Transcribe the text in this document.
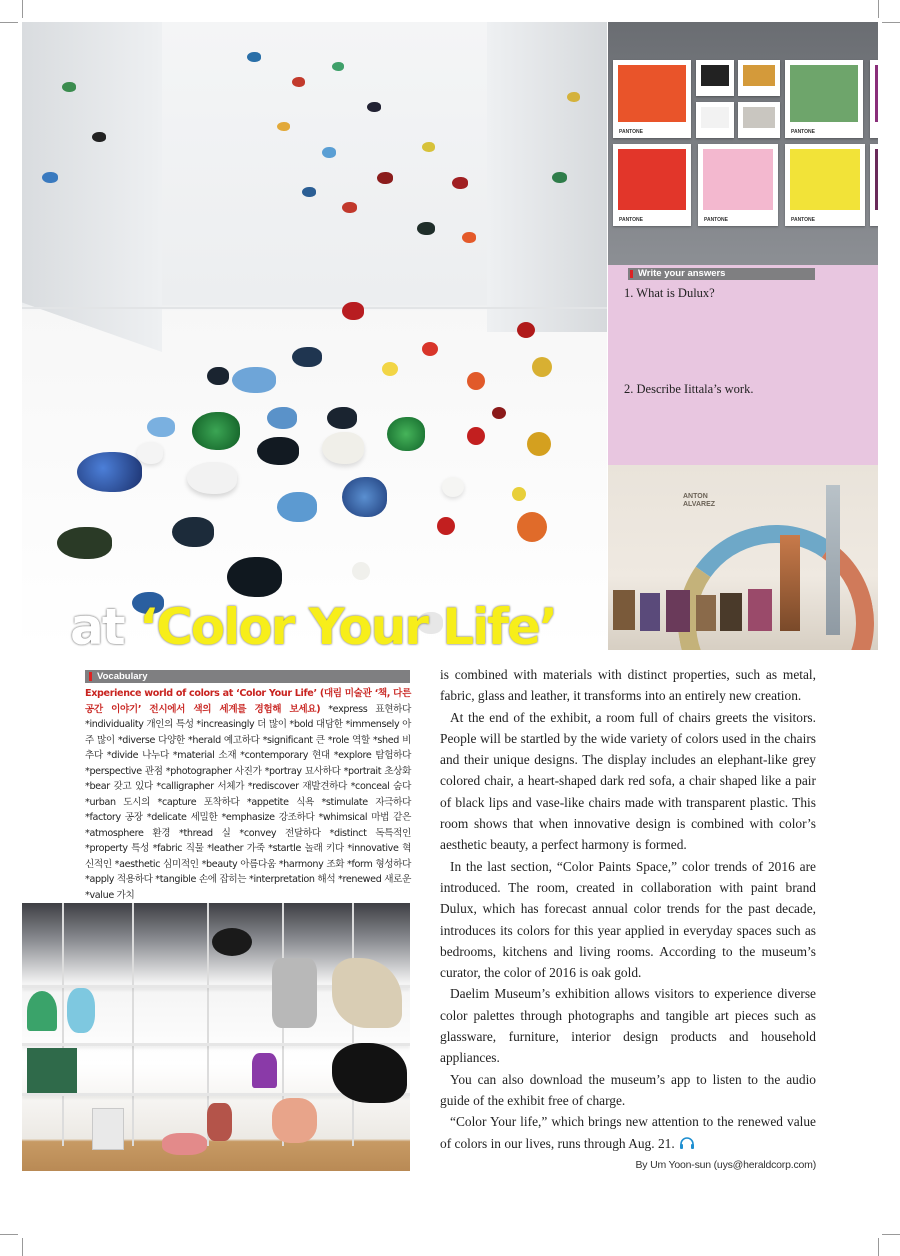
at ‘Color Your Life’
PANTONE	PANTONE
PANTONE	PANTONE	PANTONE
Write your answers
1. What is Dulux?
2. Describe Iittala’s work.
ANTON
ALVAREZ
Vocabulary
Experience world of colors at ‘Color Your Life’ (대림 미술관 ‘책, 다른 공간 이야기’ 전시에서 색의 세계를 경험해 보세요) *express 표현하다 *individuality 개인의 특성 *increasingly 더 많이 *bold 대담한 *immensely 아주 많이 *diverse 다양한 *herald 예고하다 *significant 큰 *role 역할 *shed 비추다 *divide 나누다 *material 소재 *contemporary 현대 *explore 탐험하다 *perspective 관점 *photographer 사진가 *portray 묘사하다 *portrait 초상화 *bear 갖고 있다 *calligrapher 서체가 *rediscover 재발견하다 *conceal 숨다 *urban 도시의 *capture 포착하다 *appetite 식욕 *stimulate 자극하다 *factory 공장 *delicate 세밀한 *emphasize 강조하다 *whimsical 마법 같은 *atmosphere 환경 *thread 실 *convey 전달하다 *distinct 독특적인 *property 특성 *fabric 직물 *leather 가죽 *startle 놀래 키다 *innovative 혁신적인 *aesthetic 심미적인 *beauty 아름다움 *harmony 조화 *form 형성하다 *apply 적용하다 *tangible 손에 잡히는 *interpretation 해석 *renewed 새로운 *value 가치

is combined with materials with distinct properties, such as metal, fabric, glass and leather, it transforms into an entirely new creation.

At the end of the exhibit, a room full of chairs greets the visitors. People will be startled by the wide variety of colors used in the chairs and their unique designs. The display includes an elephant-like grey colored chair, a heart-shaped dark red sofa, a chair shaped like a pair of black lips and vase-like chairs made with transparent plastic. This room shows that when innovative design is combined with color’s aesthetic beauty, a perfect harmony is formed.

In the last section, “Color Paints Space,” color trends of 2016 are introduced. The room, created in collaboration with paint brand Dulux, which has forecast annual color trends for the past decade, introduces its colors for this year applied in everyday spaces such as bedrooms, kitchens and living rooms. According to the museum’s curator, the color of 2016 is oak gold.

Daelim Museum’s exhibition allows visitors to experience diverse color palettes through photographs and tangible art pieces such as glassware, furniture, interior design products and household appliances.

You can also download the museum’s app to listen to the audio guide of the exhibit free of charge.

“Color Your life,” which brings new attention to the renewed value of colors in our lives, runs through Aug. 21.

By Um Yoon-sun (uys@heraldcorp.com)
